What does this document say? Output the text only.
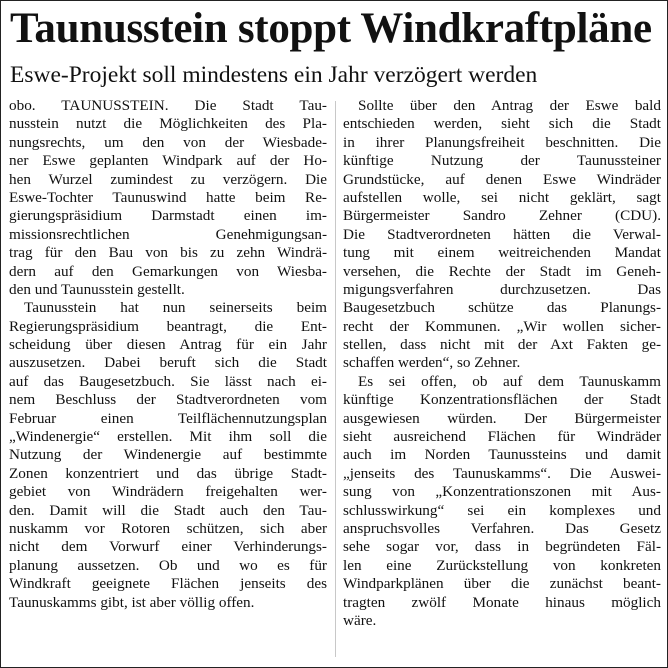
Taunusstein stoppt Windkraftpläne
Eswe-Projekt soll mindestens ein Jahr verzögert werden
obo. TAUNUSSTEIN. Die Stadt Tau-
nusstein nutzt die Möglichkeiten des Pla-
nungsrechts, um den von der Wiesbade-
ner Eswe geplanten Windpark auf der Ho-
hen Wurzel zumindest zu verzögern. Die
Eswe-Tochter Taunuswind hatte beim Re-
gierungspräsidium Darmstadt einen im-
missionsrechtlichen Genehmigungsan-
trag für den Bau von bis zu zehn Windrä-
dern auf den Gemarkungen von Wiesba-
den und Taunusstein gestellt.
Taunusstein hat nun seinerseits beim
Regierungspräsidium beantragt, die Ent-
scheidung über diesen Antrag für ein Jahr
auszusetzen. Dabei beruft sich die Stadt
auf das Baugesetzbuch. Sie lässt nach ei-
nem Beschluss der Stadtverordneten vom
Februar einen Teilflächennutzungsplan
„Windenergie“ erstellen. Mit ihm soll die
Nutzung der Windenergie auf bestimmte
Zonen konzentriert und das übrige Stadt-
gebiet von Windrädern freigehalten wer-
den. Damit will die Stadt auch den Tau-
nuskamm vor Rotoren schützen, sich aber
nicht dem Vorwurf einer Verhinderungs-
planung aussetzen. Ob und wo es für
Windkraft geeignete Flächen jenseits des
Taunuskamms gibt, ist aber völlig offen.
Sollte über den Antrag der Eswe bald
entschieden werden, sieht sich die Stadt
in ihrer Planungsfreiheit beschnitten. Die
künftige Nutzung der Taunussteiner
Grundstücke, auf denen Eswe Windräder
aufstellen wolle, sei nicht geklärt, sagt
Bürgermeister Sandro Zehner (CDU).
Die Stadtverordneten hätten die Verwal-
tung mit einem weitreichenden Mandat
versehen, die Rechte der Stadt im Geneh-
migungsverfahren durchzusetzen. Das
Baugesetzbuch schütze das Planungs-
recht der Kommunen. „Wir wollen sicher-
stellen, dass nicht mit der Axt Fakten ge-
schaffen werden“, so Zehner.
Es sei offen, ob auf dem Taunuskamm
künftige Konzentrationsflächen der Stadt
ausgewiesen würden. Der Bürgermeister
sieht ausreichend Flächen für Windräder
auch im Norden Taunussteins und damit
„jenseits des Taunuskamms“. Die Auswei-
sung von „Konzentrationszonen mit Aus-
schlusswirkung“ sei ein komplexes und
anspruchsvolles Verfahren. Das Gesetz
sehe sogar vor, dass in begründeten Fäl-
len eine Zurückstellung von konkreten
Windparkplänen über die zunächst beant-
tragten zwölf Monate hinaus möglich
wäre.
